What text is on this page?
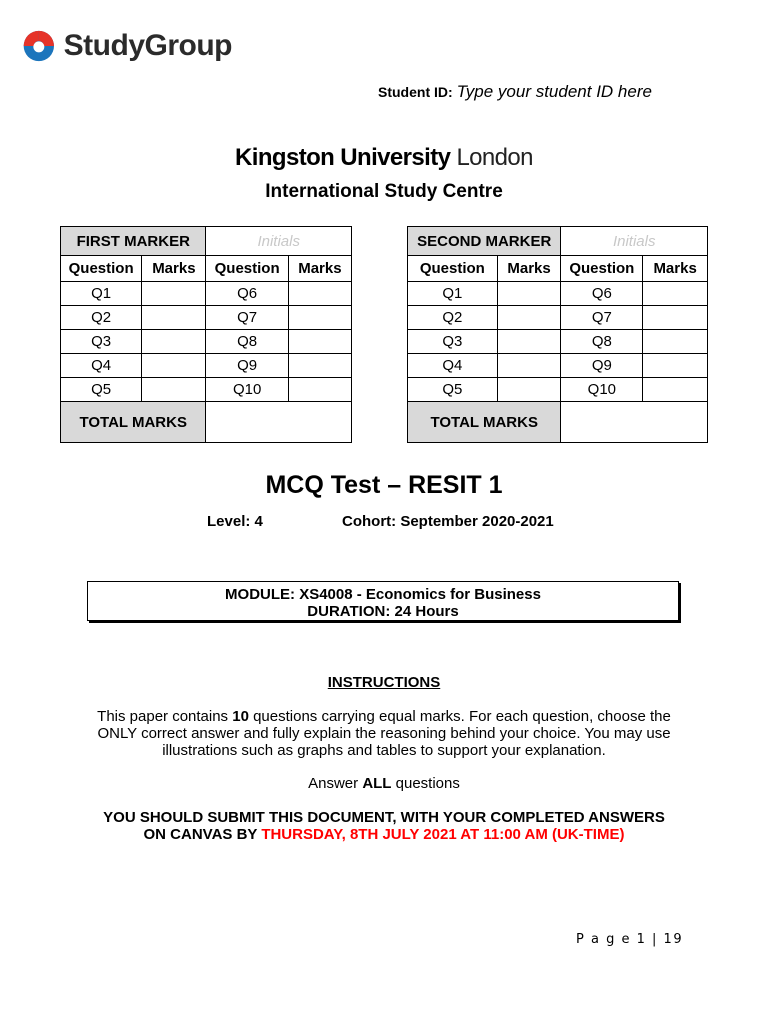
StudyGroup
Student ID: Type your student ID here
Kingston University London
International Study Centre
FIRST MARKER		Initials	
Question	Marks	Question	Marks
Q1		Q6	
Q2		Q7	
Q3		Q8	
Q4		Q9	
Q5		Q10	
TOTAL MARKS			
SECOND MARKER		Initials	
Question	Marks	Question	Marks
Q1		Q6	
Q2		Q7	
Q3		Q8	
Q4		Q9	
Q5		Q10	
TOTAL MARKS			
MCQ Test – RESIT 1
Level: 4	Cohort: September 2020-2021
MODULE: XS4008 - Economics for Business
DURATION: 24 Hours
INSTRUCTIONS
This paper contains 10 questions carrying equal marks. For each question, choose the ONLY correct answer and fully explain the reasoning behind your choice. You may use illustrations such as graphs and tables to support your explanation.
Answer ALL questions
YOU SHOULD SUBMIT THIS DOCUMENT, WITH YOUR COMPLETED ANSWERS ON CANVAS BY THURSDAY, 8TH JULY 2021 AT 11:00 AM (UK-TIME)
P a g e 1 | 19
